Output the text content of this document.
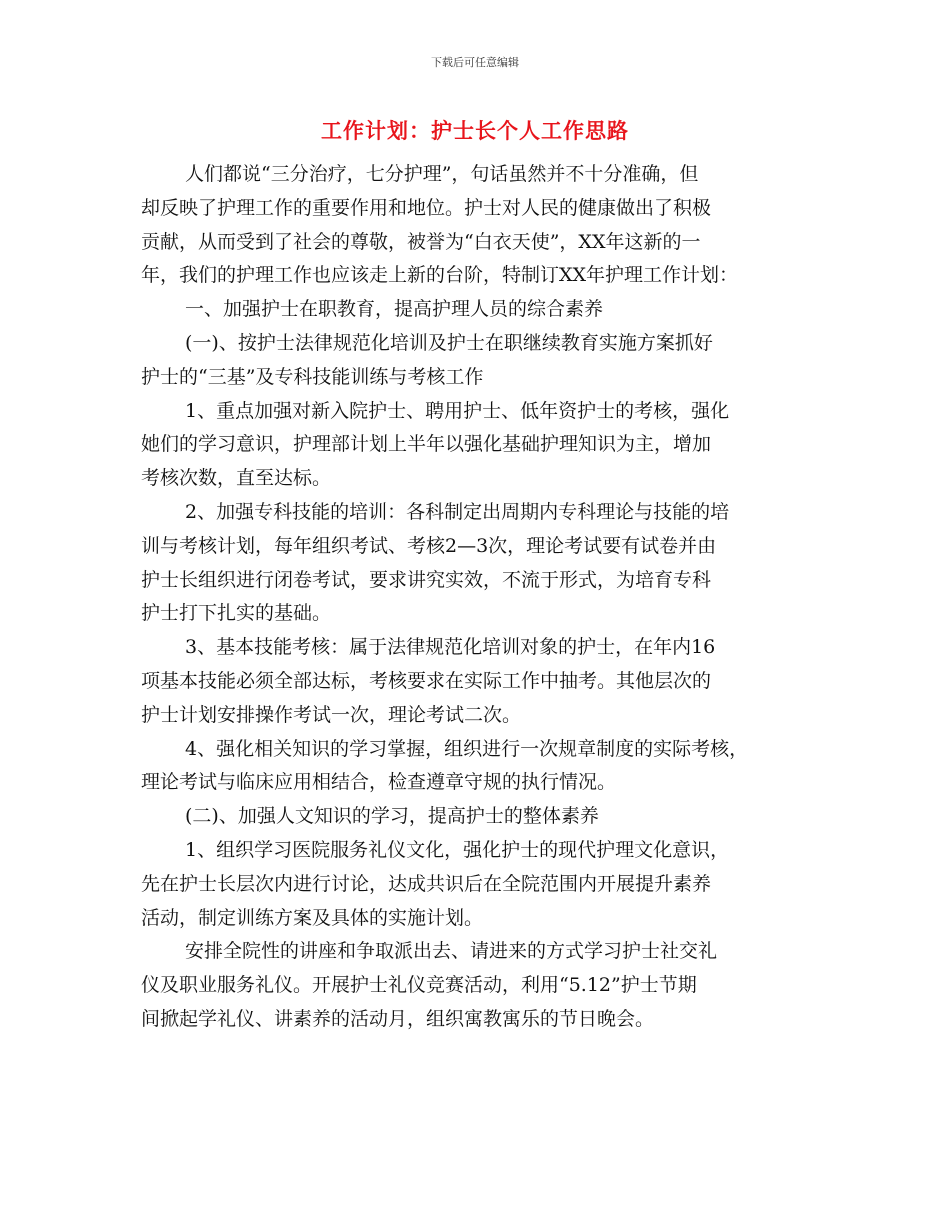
下载后可任意编辑
工作计划：护士长个人工作思路

人们都说“三分治疗，七分护理”，句话虽然并不十分准确，但
却反映了护理工作的重要作用和地位。护士对人民的健康做出了积极
贡献，从而受到了社会的尊敬，被誉为“白衣天使”，XX年这新的一
年，我们的护理工作也应该走上新的台阶，特制订XX年护理工作计划：

一、加强护士在职教育，提高护理人员的综合素养

(一)、按护士法律规范化培训及护士在职继续教育实施方案抓好
护士的“三基”及专科技能训练与考核工作

1、重点加强对新入院护士、聘用护士、低年资护士的考核，强化
她们的学习意识，护理部计划上半年以强化基础护理知识为主，增加
考核次数，直至达标。

2、加强专科技能的培训：各科制定出周期内专科理论与技能的培
训与考核计划，每年组织考试、考核2—3次，理论考试要有试卷并由
护士长组织进行闭卷考试，要求讲究实效，不流于形式，为培育专科
护士打下扎实的基础。

3、基本技能考核：属于法律规范化培训对象的护士，在年内16
项基本技能必须全部达标，考核要求在实际工作中抽考。其他层次的
护士计划安排操作考试一次，理论考试二次。

4、强化相关知识的学习掌握，组织进行一次规章制度的实际考核，
理论考试与临床应用相结合，检查遵章守规的执行情况。

(二)、加强人文知识的学习，提高护士的整体素养

1、组织学习医院服务礼仪文化，强化护士的现代护理文化意识，
先在护士长层次内进行讨论，达成共识后在全院范围内开展提升素养
活动，制定训练方案及具体的实施计划。

安排全院性的讲座和争取派出去、请进来的方式学习护士社交礼
仪及职业服务礼仪。开展护士礼仪竞赛活动，利用“5.12”护士节期
间掀起学礼仪、讲素养的活动月，组织寓教寓乐的节日晚会。
